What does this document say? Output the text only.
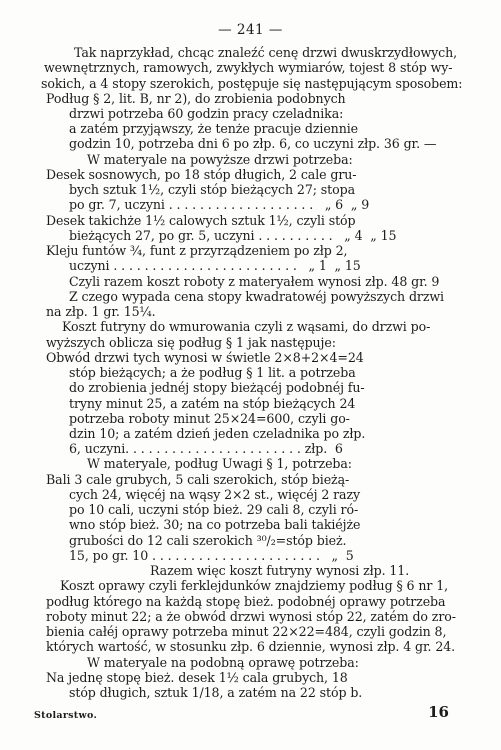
— 241 —
Tak naprzykład, chcąc znaleźć cenę drzwi dwuskrzydłowych,
wewnętrznych, ramowych, zwykłych wymiarów, tojest 8 stóp wy-
sokich, a 4 stopy szerokich, postępuje się następującym sposobem:
Podług § 2, lit. B, nr 2), do zrobienia podobnych
drzwi potrzeba 60 godzin pracy czeladnika:
a zatém przyjąwszy, że tenże pracuje dziennie
godzin 10, potrzeba dni 6 po złp. 6, co uczyni złp. 36 gr. —
W materyale na powyższe drzwi potrzeba:
Desek sosnowych, po 18 stóp długich, 2 cale gru-
bych sztuk 1½, czyli stóp bieżących 27; stopa
po gr. 7, uczyni . . . . . . . . . . . . . . . . . . .   „ 6  „ 9
Desek takichże 1½ calowych sztuk 1½, czyli stóp
bieżących 27, po gr. 5, uczyni . . . . . . . . . .   „ 4  „ 15
Kleju funtów ¾, funt z przyrządzeniem po złp 2,
uczyni . . . . . . . . . . . . . . . . . . . . . . . .   „ 1  „ 15
Czyli razem koszt roboty z materyałem wynosi złp. 48 gr. 9
Z czego wypada cena stopy kwadratowéj powyższych drzwi
na złp. 1 gr. 15¼.
Koszt futryny do wmurowania czyli z wąsami, do drzwi po-
wyższych oblicza się podług § 1 jak następuje:
Obwód drzwi tych wynosi w świetle 2×8+2×4=24
stóp bieżących; a że podług § 1 lit. a potrzeba
do zrobienia jednéj stopy bieżącéj podobnéj fu-
tryny minut 25, a zatém na stóp bieżących 24
potrzeba roboty minut 25×24=600, czyli go-
dzin 10; a zatém dzień jeden czeladnika po złp.
6, uczyni. . . . . . . . . . . . . . . . . . . . . . . złp.  6
W materyale, podług Uwagi § 1, potrzeba:
Bali 3 cale grubych, 5 cali szerokich, stóp bieżą-
cych 24, więcéj na wąsy 2×2 st., więcéj 2 razy
po 10 cali, uczyni stóp bież. 29 cali 8, czyli ró-
wno stóp bież. 30; na co potrzeba bali takiéjże
grubości do 12 cali szerokich ³⁰/₂=stóp bież.
15, po gr. 10 . . . . . . . . . . . . . . . . . . . . . .   „  5
Razem więc koszt futryny wynosi złp. 11.
Koszt oprawy czyli ferklejdunków znajdziemy podług § 6 nr 1,
podług którego na każdą stopę bież. podobnéj oprawy potrzeba
roboty minut 22; a że obwód drzwi wynosi stóp 22, zatém do zro-
bienia całéj oprawy potrzeba minut 22×22=484, czyli godzin 8,
których wartość, w stosunku złp. 6 dziennie, wynosi złp. 4 gr. 24.
W materyale na podobną oprawę potrzeba:
Na jednę stopę bież. desek 1½ cala grubych, 18
stóp długich, sztuk 1/18, a zatém na 22 stóp b.
Stolarstwo.	16
